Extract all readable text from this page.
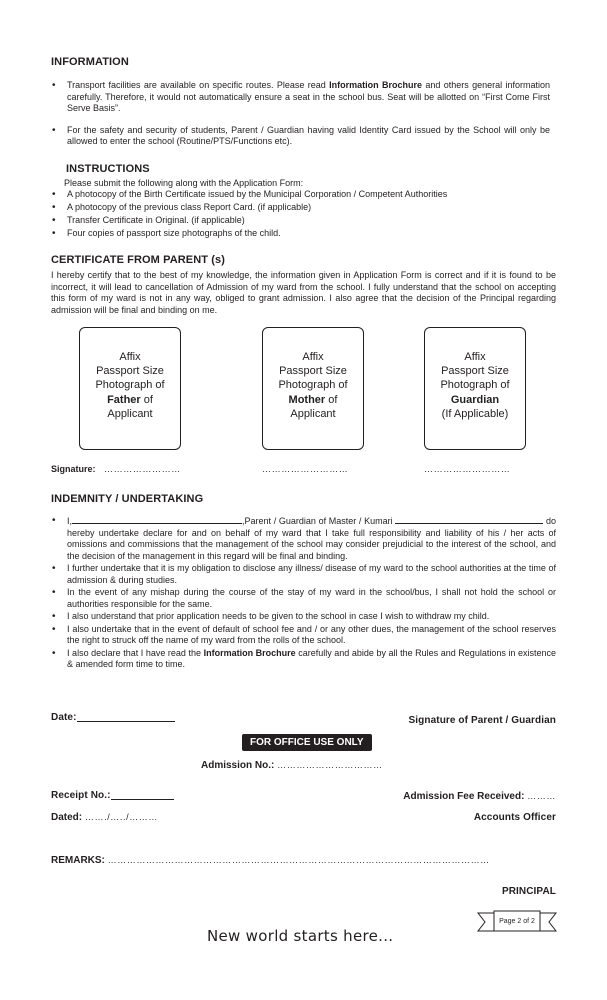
INFORMATION
• Transport facilities are available on specific routes. Please read Information Brochure and others general information carefully. Therefore, it would not automatically ensure a seat in the school bus. Seat will be allotted on “First Come First Serve Basis”.
• For the safety and security of students, Parent / Guardian having valid Identity Card issued by the School will only be allowed to enter the school (Routine/PTS/Functions etc).
INSTRUCTIONS
Please submit the following along with the Application Form:
• A photocopy of the Birth Certificate issued by the Municipal Corporation / Competent Authorities
• A photocopy of the previous class Report Card. (if applicable)
• Transfer Certificate in Original. (if applicable)
• Four copies of passport size photographs of the child.
CERTIFICATE FROM PARENT (s)
I hereby certify that to the best of my knowledge, the information given in Application Form is correct and if it is found to be incorrect, it will lead to cancellation of Admission of my ward from the school. I fully understand that the school on accepting this form of my ward is not in any way, obliged to grant admission. I also agree that the decision of the Principal regarding admission will be final and binding on me.
Affix
Passport Size
Photograph of
Father of
Applicant
Affix
Passport Size
Photograph of
Mother of
Applicant
Affix
Passport Size
Photograph of
Guardian
(If Applicable)
Signature: ……………………	………………………	………………………
INDEMNITY / UNDERTAKING
• I,	,Parent / Guardian of Master / Kumari	do hereby undertake declare for and on behalf of my ward that I take full responsibility and liability of his / her acts of omissions and commissions that the management of the school may consider prejudicial to the interest of the school, and the decision of the management in this regard will be final and binding.
• I further undertake that it is my obligation to disclose any illness/ disease of my ward to the school authorities at the time of admission & during studies.
• In the event of any mishap during the course of the stay of my ward in the school/bus, I shall not hold the school or authorities responsible for the same.
• I also understand that prior application needs to be given to the school in case I wish to withdraw my child.
• I also undertake that in the event of default of school fee and / or any other dues, the management of the school reserves the right to struck off the name of my ward from the rolls of the school.
• I also declare that I have read the Information Brochure carefully and abide by all the Rules and Regulations in existence & amended form time to time.
Date:	Signature of Parent / Guardian
FOR OFFICE USE ONLY
Admission No.: ……………………………
Receipt No.:	Admission Fee Received: ………
Dated: ……./…../………	Accounts Officer
REMARKS: …………………………………………………………………………………………………………
PRINCIPAL
Page 2 of 2
New world starts here...
